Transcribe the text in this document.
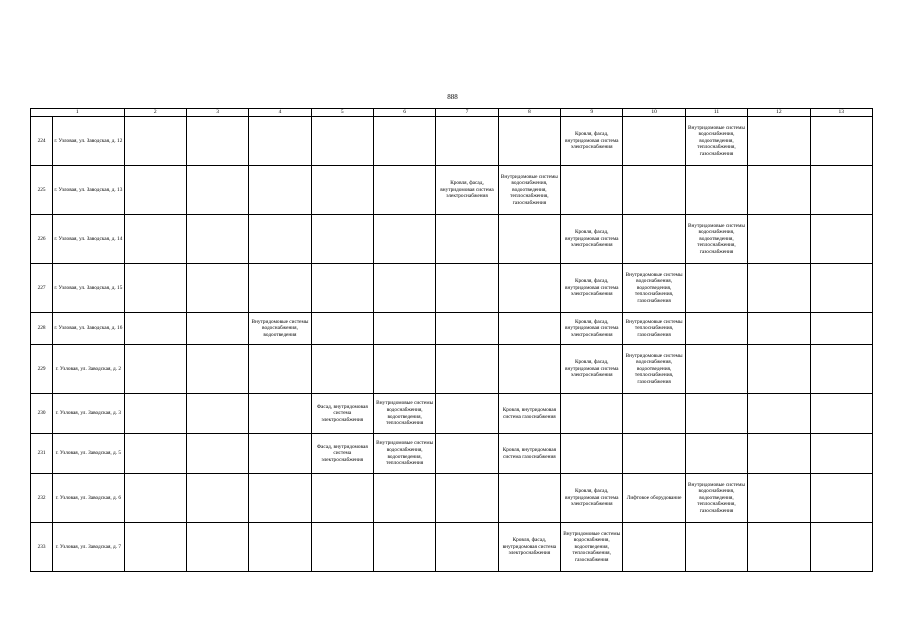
888
1		2	3	4	5	6	7	8	9	10	11	12	13
224	г. Узловая, ул. Заводская, д. 12								Кровля, фасад, внутридомовая система электроснабжения		Внутридомовые системы водоснабжения, водоотведения, теплоснабжения, газоснабжения		
225	г. Узловая, ул. Заводская, д. 13						Кровля, фасад, внутридомовая система электроснабжения	Внутридомовые системы водоснабжения, водоотведения, теплоснабжения, газоснабжения					
226	г. Узловая, ул. Заводская, д. 14								Кровля, фасад, внутридомовая система электроснабжения		Внутридомовые системы водоснабжения, водоотведения, теплоснабжения, газоснабжения		
227	г. Узловая, ул. Заводская, д. 15								Кровля, фасад, внутридомовая система электроснабжения	Внутридомовые системы водоснабжения, водоотведения, теплоснабжения, газоснабжения			
228	г. Узловая, ул. Заводская, д. 16			Внутридомовые системы водоснабжения, водоотведения					Кровля, фасад, внутридомовая система электроснабжения	Внутридомовые системы теплоснабжения, газоснабжения			
229	г. Узловая, ул. Заводская, д. 2								Кровля, фасад, внутридомовая система электроснабжения	Внутридомовые системы водоснабжения, водоотведения, теплоснабжения, газоснабжения			
230	г. Узловая, ул. Заводская, д. 3				Фасад, внутридомовая система электроснабжения	Внутридомовые системы водоснабжения, водоотведения, теплоснабжения		Кровля, внутридомовая система газоснабжения					
231	г. Узловая, ул. Заводская, д. 5				Фасад, внутридомовая система электроснабжения	Внутридомовые системы водоснабжения, водоотведения, теплоснабжения		Кровля, внутридомовая система газоснабжения					
232	г. Узловая, ул. Заводская, д. 6								Кровля, фасад, внутридомовая система электроснабжения	Лифтовое оборудование	Внутридомовые системы водоснабжения, водоотведения, теплоснабжения, газоснабжения		
233	г. Узловая, ул. Заводская, д. 7							Кровля, фасад, внутридомовая система электроснабжения	Внутридомовые системы водоснабжения, водоотведения, теплоснабжения, газоснабжения				
